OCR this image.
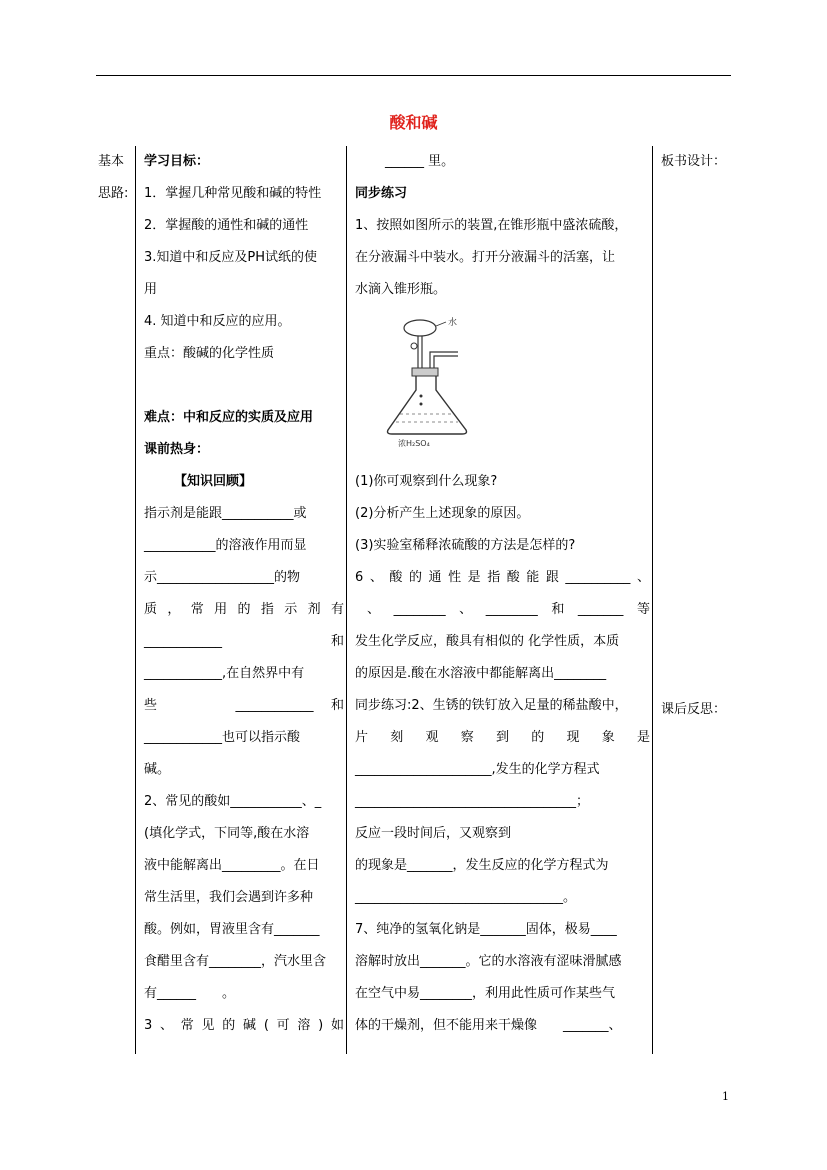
酸和碱

基本

思路:

学习目标：

1．掌握几种常见酸和碱的特性

2．掌握酸的通性和碱的通性

3.知道中和反应及PH试纸的使

用

4. 知道中和反应的应用。

重点：酸碱的化学性质

难点：中和反应的实质及应用

课前热身：

【知识回顾】

指示剂是能跟___________或

___________的溶液作用而显

示__________________的物

质，常用的指示剂有

____________和

____________,在自然界中有

些　　____________和

____________也可以指示酸

碱。

2、常见的酸如___________、_

(填化学式，下同等,酸在水溶

液中能解离出_________。在日

常生活里，我们会遇到许多种

酸。例如，胃液里含有_______

食醋里含有________，汽水里含

有______　　。

3、常见的碱(可溶)如

______ 里。

同步练习

1、按照如图所示的装置,在锥形瓶中盛浓硫酸，

在分液漏斗中装水。打开分液漏斗的活塞，让

水滴入锥形瓶。

(1)你可观察到什么现象?

(2)分析产生上述现象的原因。

(3)实验室稀释浓硫酸的方法是怎样的?

6、酸的通性是指酸能跟__________、

、________、________和_______等

发生化学反应，酸具有相似的 化学性质，本质

的原因是.酸在水溶液中都能解离出________

同步练习:2、生锈的铁钉放入足量的稀盐酸中，

片刻观察到的现象是

_____________________,发生的化学方程式

__________________________________；

反应一段时间后，又观察到

的现象是_______，发生反应的化学方程式为

________________________________。

7、纯净的氢氧化钠是_______固体，极易____

溶解时放出_______。它的水溶液有涩味滑腻感

在空气中易________，利用此性质可作某些气

体的干燥剂，但不能用来干燥像　　_______、

水
浓H₂SO₄

板书设计：

课后反思：

1
